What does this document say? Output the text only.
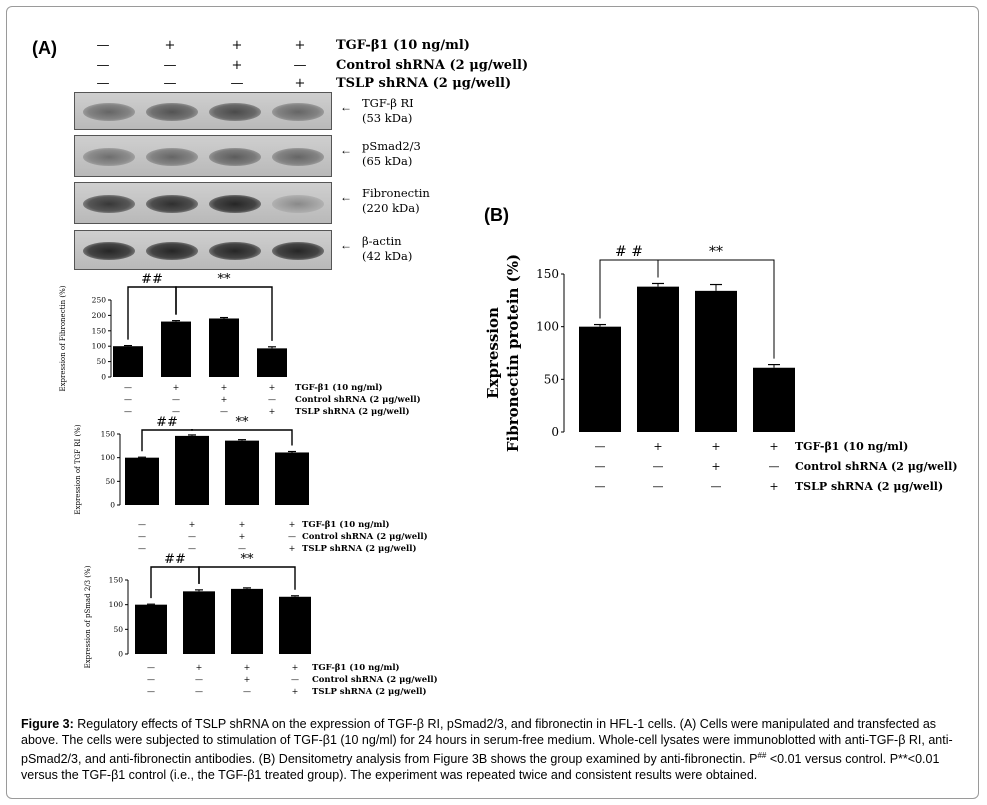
(A)	—	+	+	+ TGF-β1 (10 ng/ml)
—	—	+	— Control shRNA (2 μg/well)
—	—	—	+ TSLP shRNA (2 μg/well)
← TGF-β RI
(53 kDa)
← pSmad2/3
(65 kDa)
← Fibronectin
(220 kDa)
← β-actin
(42 kDa)
0
50
100
150
200
250
Expression of Fibronectin (%)
##	**
—	+	+	+ TGF-β1 (10 ng/ml)
—	—	+	— Control shRNA (2 μg/well)
—	—	—	+ TSLP shRNA (2 μg/well)
0
50
100
150
Expression of TGF RI (%)
##	**
—	+	+	+ TGF-β1 (10 ng/ml)
—	—	+	— Control shRNA (2 μg/well)
—	—	—	+ TSLP shRNA (2 μg/well)
0
50
100
150
Expression of pSmad 2/3 (%)
##	**
—	+	+	+ TGF-β1 (10 ng/ml)
—	—	+	— Control shRNA (2 μg/well)
—	—	—	+ TSLP shRNA (2 μg/well)
(B)
0
50
100
150
Expression Fibronectin protein (%)
# #	**
—	+	+	+ TGF-β1 (10 ng/ml)
—	—	+	— Control shRNA (2 μg/well)
—	—	—	+ TSLP shRNA (2 μg/well)
Figure 3: Regulatory effects of TSLP shRNA on the expression of TGF-β RI, pSmad2/3, and fibronectin in HFL-1 cells. (A) Cells were manipulated and transfected as above. The cells were subjected to stimulation of TGF-β1 (10 ng/ml) for 24 hours in serum-free medium. Whole-cell lysates were immunoblotted with anti-TGF-β RI, anti-pSmad2/3, and anti-fibronectin antibodies. (B) Densitometry analysis from Figure 3B shows the group examined by anti-fibronectin. P## <0.01 versus control. P**<0.01 versus the TGF-β1 control (i.e., the TGF-β1 treated group). The experiment was repeated twice and consistent results were obtained.
